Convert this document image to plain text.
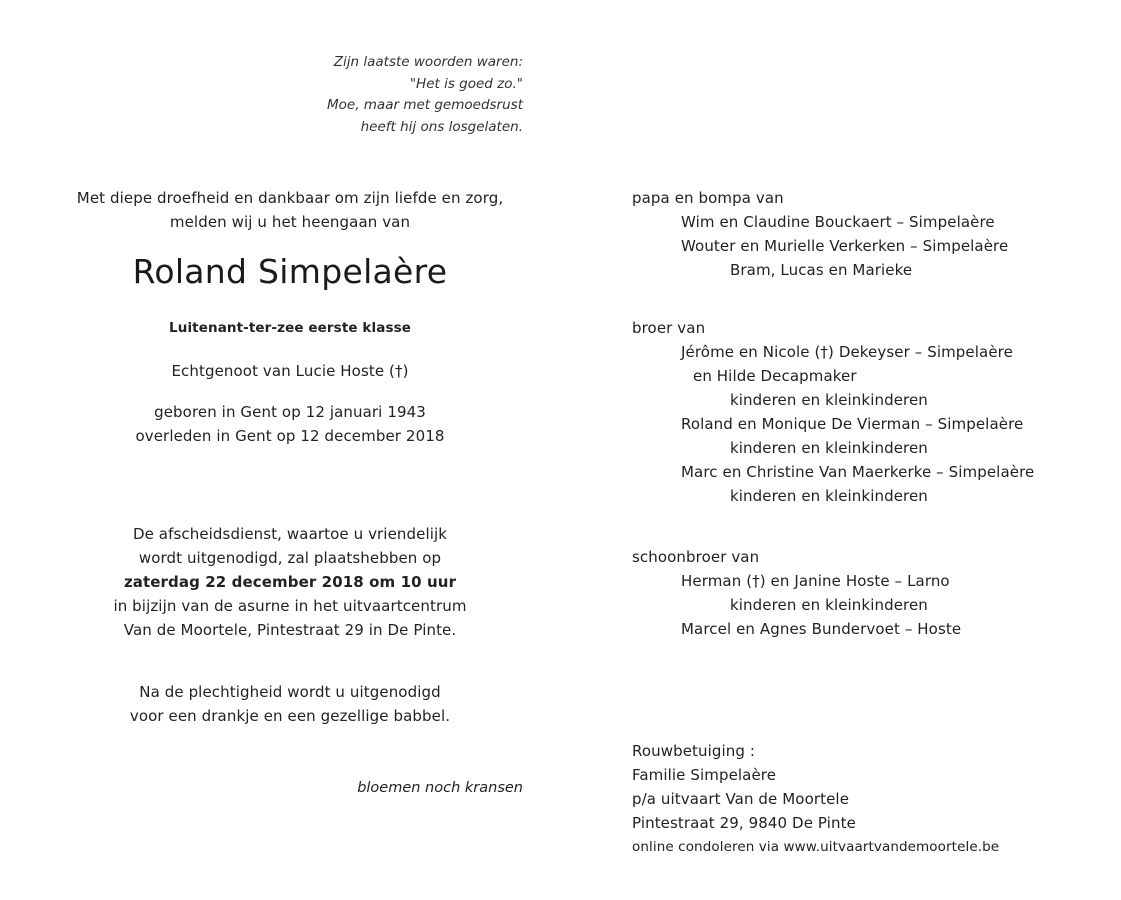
Zijn laatste woorden waren:
"Het is goed zo."
Moe, maar met gemoedsrust
heeft hij ons losgelaten.
Met diepe droefheid en dankbaar om zijn liefde en zorg,
melden wij u het heengaan van
Roland Simpelaère
Luitenant-ter-zee eerste klasse
Echtgenoot van Lucie Hoste (†)
geboren in Gent op 12 januari 1943
overleden in Gent op 12 december 2018
De afscheidsdienst, waartoe u vriendelijk
wordt uitgenodigd, zal plaatshebben op
zaterdag 22 december 2018 om 10 uur
in bijzijn van de asurne in het uitvaartcentrum
Van de Moortele, Pintestraat 29 in De Pinte.
Na de plechtigheid wordt u uitgenodigd
voor een drankje en een gezellige babbel.
bloemen noch kransen
papa en bompa van
Wim en Claudine Bouckaert – Simpelaère
Wouter en Murielle Verkerken – Simpelaère
Bram, Lucas en Marieke
broer van
Jérôme en Nicole (†) Dekeyser – Simpelaère
en Hilde Decapmaker
kinderen en kleinkinderen
Roland en Monique De Vierman – Simpelaère
kinderen en kleinkinderen
Marc en Christine Van Maerkerke – Simpelaère
kinderen en kleinkinderen
schoonbroer van
Herman (†) en Janine Hoste – Larno
kinderen en kleinkinderen
Marcel en Agnes Bundervoet – Hoste
Rouwbetuiging :
Familie Simpelaère
p/a uitvaart Van de Moortele
Pintestraat 29, 9840 De Pinte
online condoleren via www.uitvaartvandemoortele.be
